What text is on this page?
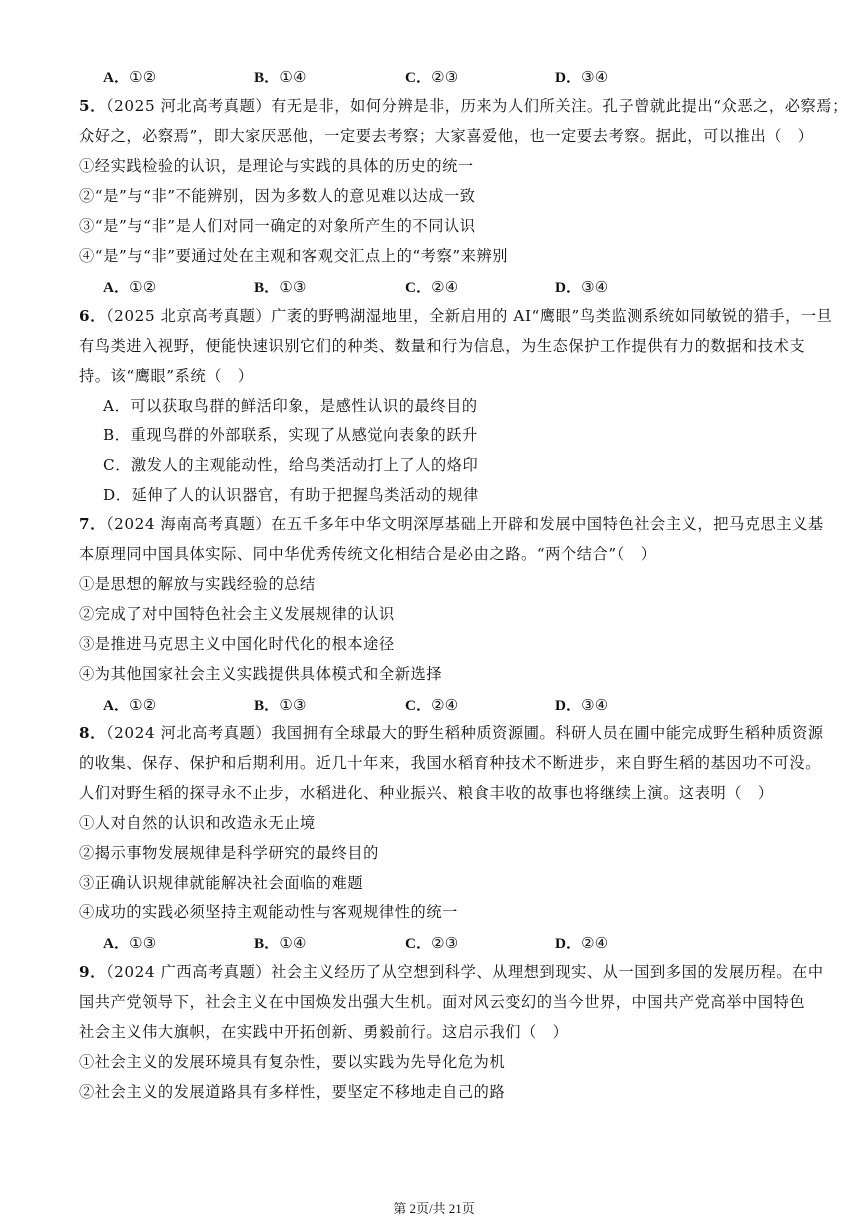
A．①②	B．①④	C．②③	D．③④
5．（2025 河北高考真题）有无是非，如何分辨是非，历来为人们所关注。孔子曾就此提出“众恶之，必察焉；
众好之，必察焉”，即大家厌恶他，一定要去考察；大家喜爱他，也一定要去考察。据此，可以推出（　）
①经实践检验的认识，是理论与实践的具体的历史的统一
②“是”与“非”不能辨别，因为多数人的意见难以达成一致
③“是”与“非”是人们对同一确定的对象所产生的不同认识
④“是”与“非”要通过处在主观和客观交汇点上的“考察”来辨别
A．①②	B．①③	C．②④	D．③④
6．（2025 北京高考真题）广袤的野鸭湖湿地里，全新启用的 AI“鹰眼”鸟类监测系统如同敏锐的猎手，一旦
有鸟类进入视野，便能快速识别它们的种类、数量和行为信息，为生态保护工作提供有力的数据和技术支
持。该“鹰眼”系统（　）
A．可以获取鸟群的鲜活印象，是感性认识的最终目的
B．重现鸟群的外部联系，实现了从感觉向表象的跃升
C．激发人的主观能动性，给鸟类活动打上了人的烙印
D．延伸了人的认识器官，有助于把握鸟类活动的规律
7．（2024 海南高考真题）在五千多年中华文明深厚基础上开辟和发展中国特色社会主义，把马克思主义基
本原理同中国具体实际、同中华优秀传统文化相结合是必由之路。“两个结合”（　）
①是思想的解放与实践经验的总结
②完成了对中国特色社会主义发展规律的认识
③是推进马克思主义中国化时代化的根本途径
④为其他国家社会主义实践提供具体模式和全新选择
A．①②	B．①③	C．②④	D．③④
8．（2024 河北高考真题）我国拥有全球最大的野生稻种质资源圃。科研人员在圃中能完成野生稻种质资源
的收集、保存、保护和后期利用。近几十年来，我国水稻育种技术不断进步，来自野生稻的基因功不可没。
人们对野生稻的探寻永不止步，水稻进化、种业振兴、粮食丰收的故事也将继续上演。这表明（　）
①人对自然的认识和改造永无止境
②揭示事物发展规律是科学研究的最终目的
③正确认识规律就能解决社会面临的难题
④成功的实践必须坚持主观能动性与客观规律性的统一
A．①③	B．①④	C．②③	D．②④
9．（2024 广西高考真题）社会主义经历了从空想到科学、从理想到现实、从一国到多国的发展历程。在中
国共产党领导下，社会主义在中国焕发出强大生机。面对风云变幻的当今世界，中国共产党高举中国特色
社会主义伟大旗帜，在实践中开拓创新、勇毅前行。这启示我们（　）
①社会主义的发展环境具有复杂性，要以实践为先导化危为机
②社会主义的发展道路具有多样性，要坚定不移地走自己的路
第 2页/共 21页
